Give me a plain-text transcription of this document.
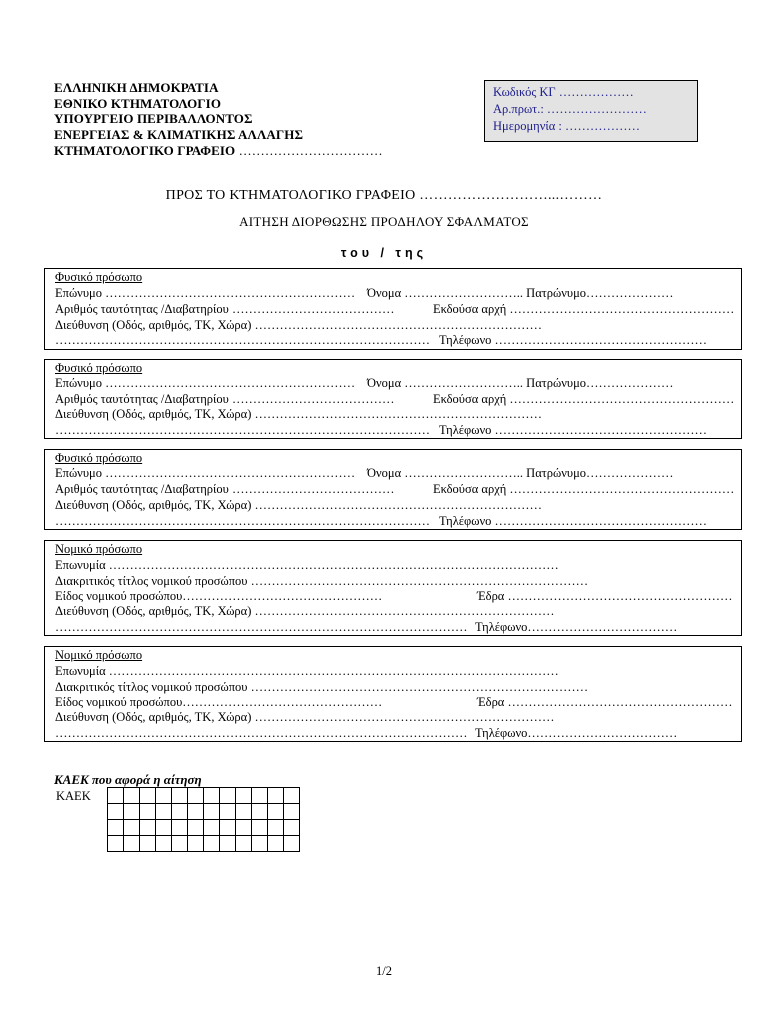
ΕΛΛΗΝΙΚΗ ΔΗΜΟΚΡΑΤΙΑ
ΕΘΝΙΚΟ ΚΤΗΜΑΤΟΛΟΓΙΟ
ΥΠΟΥΡΓΕΙΟ ΠΕΡΙΒΑΛΛΟΝΤΟΣ
ΕΝΕΡΓΕΙΑΣ & ΚΛΙΜΑΤΙΚΗΣ ΑΛΛΑΓΗΣ
ΚΤΗΜΑΤΟΛΟΓΙΚΟ ΓΡΑΦΕΙΟ ……………………………
Κωδικός ΚΓ ………………
Αρ.πρωτ.: ……………………
Ημερομηνία : ………………
ΠΡΟΣ ΤΟ ΚΤΗΜΑΤΟΛΟΓΙΚΟ ΓΡΑΦΕΙΟ ………………………...………
ΑΙΤΗΣΗ ΔΙΟΡΘΩΣΗΣ ΠΡΟΔΗΛΟΥ ΣΦΑΛΜΑΤΟΣ
του / της
Φυσικό πρόσωπο
Επώνυμο …………………………………………………… Όνομα ……………………….. Πατρώνυμο…………………
Αριθμός ταυτότητας /Διαβατηρίου …………………………………	Εκδούσα αρχή ………………………………………………
Διεύθυνση (Οδός, αριθμός, ΤΚ, Χώρα) ……………………………………………………………
……………………………………………………………………………… Τηλέφωνο ……………………………………………
Φυσικό πρόσωπο
Επώνυμο …………………………………………………… Όνομα ……………………….. Πατρώνυμο…………………
Αριθμός ταυτότητας /Διαβατηρίου …………………………………	Εκδούσα αρχή ………………………………………………
Διεύθυνση (Οδός, αριθμός, ΤΚ, Χώρα) ……………………………………………………………
……………………………………………………………………………… Τηλέφωνο ……………………………………………
Φυσικό πρόσωπο
Επώνυμο …………………………………………………… Όνομα ……………………….. Πατρώνυμο…………………
Αριθμός ταυτότητας /Διαβατηρίου …………………………………	Εκδούσα αρχή ………………………………………………
Διεύθυνση (Οδός, αριθμός, ΤΚ, Χώρα) ……………………………………………………………
……………………………………………………………………………… Τηλέφωνο ……………………………………………
Νομικό πρόσωπο
Επωνυμία ………………………………………………………………………………………………
Διακριτικός τίτλος νομικού προσώπου ………………………………………………………………………
Είδος νομικού προσώπου…………………………………………	Έδρα ………………………………………………
Διεύθυνση (Οδός, αριθμός, ΤΚ, Χώρα) ………………………………………………………………
……………………………………………………………………………………… Τηλέφωνο………………………………
Νομικό πρόσωπο
Επωνυμία ………………………………………………………………………………………………
Διακριτικός τίτλος νομικού προσώπου ………………………………………………………………………
Είδος νομικού προσώπου…………………………………………	Έδρα ………………………………………………
Διεύθυνση (Οδός, αριθμός, ΤΚ, Χώρα) ………………………………………………………………
……………………………………………………………………………………… Τηλέφωνο………………………………
ΚΑΕΚ που αφορά η αίτηση
ΚΑΕΚ

1/2
